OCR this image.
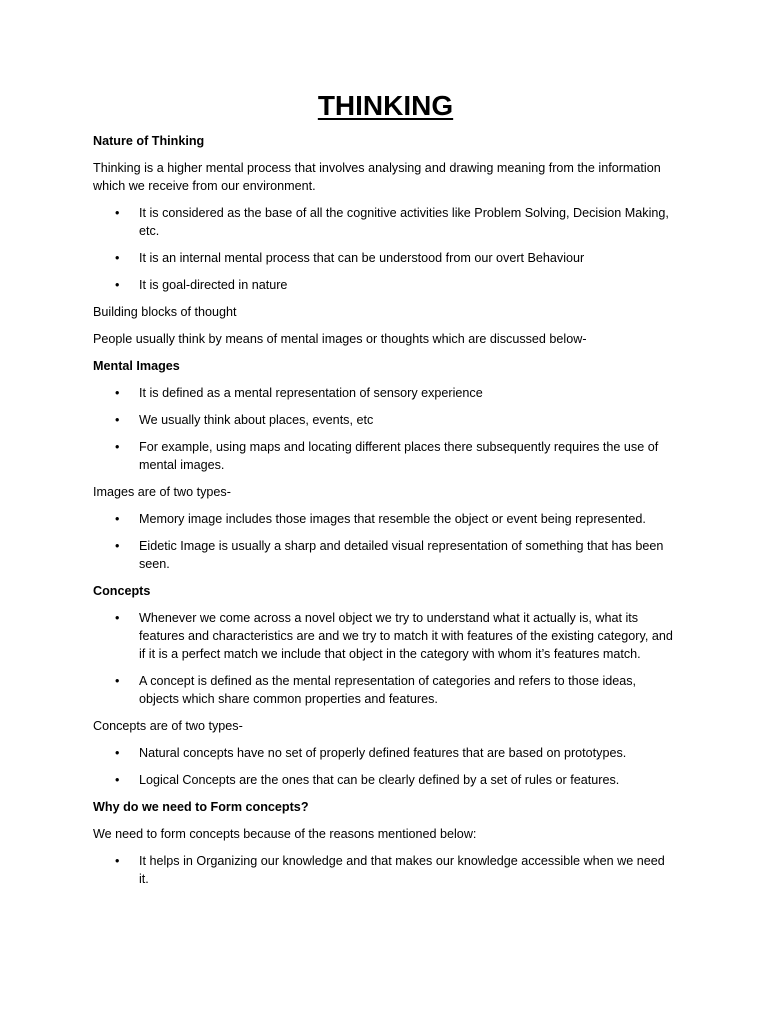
THINKING
Nature of Thinking
Thinking is a higher mental process that involves analysing and drawing meaning from the information which we receive from our environment.
• It is considered as the base of all the cognitive activities like Problem Solving, Decision Making, etc.
• It is an internal mental process that can be understood from our overt Behaviour
• It is goal-directed in nature
Building blocks of thought
People usually think by means of mental images or thoughts which are discussed below-
Mental Images
• It is defined as a mental representation of sensory experience
• We usually think about places, events, etc
• For example, using maps and locating different places there subsequently requires the use of mental images.
Images are of two types-
• Memory image includes those images that resemble the object or event being represented.
• Eidetic Image is usually a sharp and detailed visual representation of something that has been seen.
Concepts
• Whenever we come across a novel object we try to understand what it actually is, what its features and characteristics are and we try to match it with features of the existing category, and if it is a perfect match we include that object in the category with whom it’s features match.
• A concept is defined as the mental representation of categories and refers to those ideas, objects which share common properties and features.
Concepts are of two types-
• Natural concepts have no set of properly defined features that are based on prototypes.
• Logical Concepts are the ones that can be clearly defined by a set of rules or features.
Why do we need to Form concepts?
We need to form concepts because of the reasons mentioned below:
• It helps in Organizing our knowledge and that makes our knowledge accessible when we need it.
